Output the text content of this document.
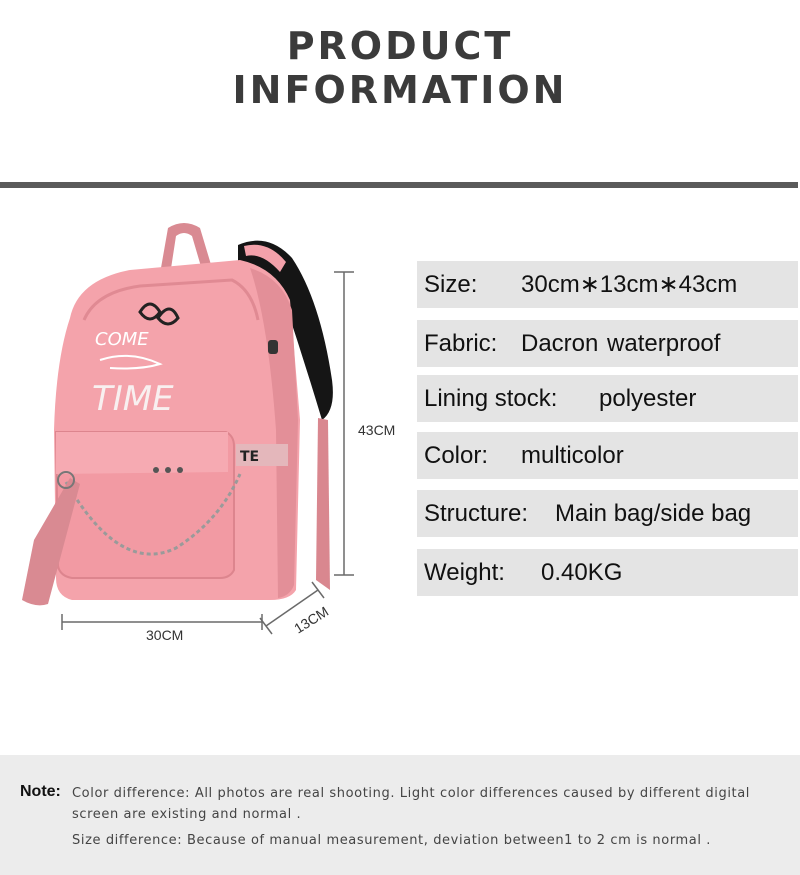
PRODUCT
INFORMATION
COME
TIME
TE
43CM
30CM	13CM
Size: 30cm∗13cm∗43cm
Fabric: Dacron waterproof
Lining stock: polyester
Color: multicolor
Structure: Main bag/side bag
Weight: 0.40KG
Note: Color difference: All photos are real shooting. Light color differences caused by different digital
screen are existing and normal .
Size difference: Because of manual measurement, deviation between1 to 2 cm is normal .
